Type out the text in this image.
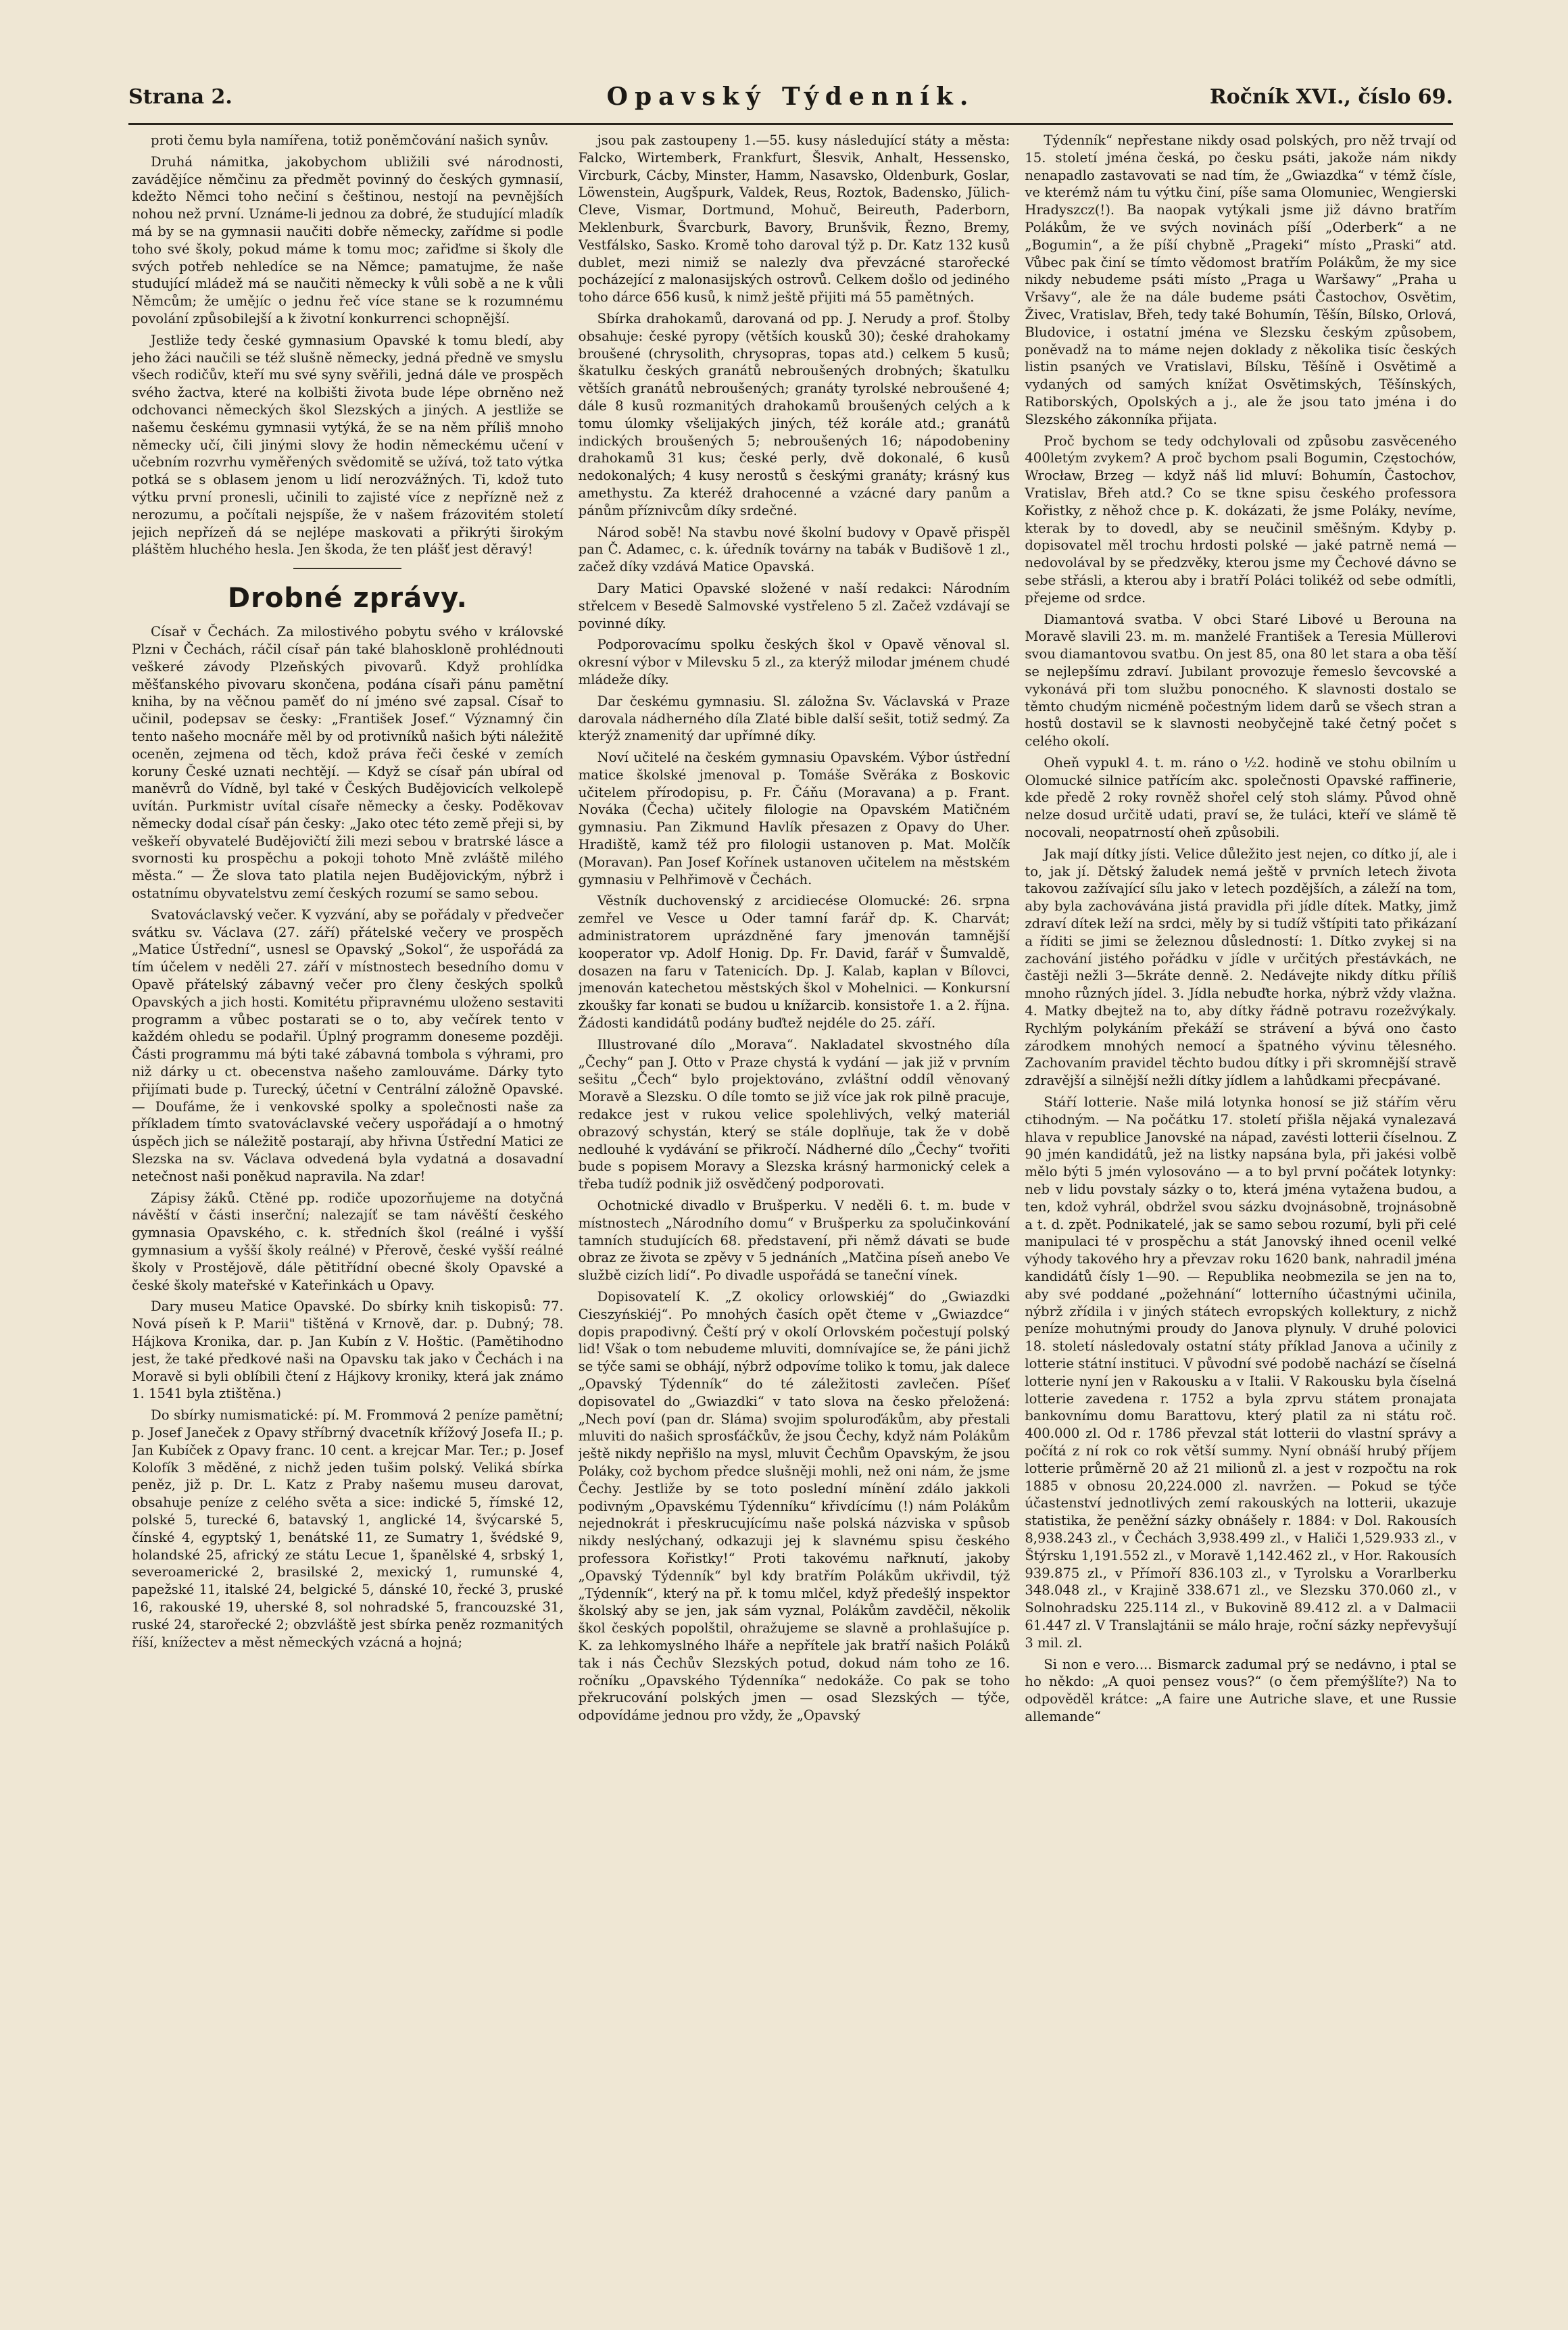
Strana 2.	Opavský Týdenník.	Ročník XVI., číslo 69.

proti čemu byla namířena, totiž poněmčování našich synův.

Druhá námitka, jakobychom ubližili své národnosti, zavádějíce němčinu za předmět povinný do českých gymnasií, kdežto Němci toho nečiní s češtinou, nestojí na pevnějších nohou než první. Uznáme-li jednou za dobré, že studující mladík má by se na gymnasii naučiti dobře německy, zařídme si podle toho své školy, pokud máme k tomu moc; zařiďme si školy dle svých potřeb nehledíce se na Němce; pamatujme, že naše studující mládež má se naučiti německy k vůli sobě a ne k vůli Němcům; že umějíc o jednu řeč více stane se k rozumnému povolání způsobilejší a k životní konkurrenci schopnější.

Jestliže tedy české gymnasium Opavské k tomu bledí, aby jeho žáci naučili se též slušně německy, jedná předně ve smyslu všech rodičův, kteří mu své syny svěřili, jedná dále ve prospěch svého žactva, které na kolbišti života bude lépe obrněno než odchovanci německých škol Slezských a jiných. A jestliže se našemu českému gymnasii vytýká, že se na něm příliš mnoho německy učí, čili jinými slovy že hodin německému učení v učebním rozvrhu vyměřených svědomitě se užívá, tož tato výtka potká se s oblasem jenom u lidí nerozvážných. Ti, kdož tuto výtku první pronesli, učinili to zajisté více z nepřízně než z nerozumu, a počítali nejspíše, že v našem frázovitém století jejich nepřízeň dá se nejlépe maskovati a přikrýti širokým pláštěm hluchého hesla. Jen škoda, že ten plášť jest děravý!

Drobné zprávy.

Císař v Čechách. Za milostivého pobytu svého v královské Plzni v Čechách, ráčil císař pán také blahoskloně prohlédnouti veškeré závody Plzeňských pivovarů. Když prohlídka měšťanského pivovaru skončena, podána císaři pánu pamětní kniha, by na věčnou paměť do ní jméno své zapsal. Císař to učinil, podepsav se česky: „František Josef.“ Významný čin tento našeho mocnáře měl by od protivníků našich býti náležitě oceněn, zejmena od těch, kdož práva řeči české v zemích koruny České uznati nechtějí. — Když se císař pán ubíral od maněvrů do Vídně, byl také v Českých Budějovicích velkolepě uvítán. Purkmistr uvítal císaře německy a česky. Poděkovav německy dodal císař pán česky: „Jako otec této země přeji si, by veškeří obyvatelé Budějovičtí žili mezi sebou v bratrské lásce a svornosti ku prospěchu a pokoji tohoto Mně zvláště milého města.“ — Že slova tato platila nejen Budějovickým, nýbrž i ostatnímu obyvatelstvu zemí českých rozumí se samo sebou.

Svatováclavský večer. K vyzvání, aby se pořádaly v předvečer svátku sv. Václava (27. září) přátelské večery ve prospěch „Matice Ústřední“, usnesl se Opavský „Sokol“, že uspořádá za tím účelem v neděli 27. září v místnostech besedního domu v Opavě přátelský zábavný večer pro členy českých spolků Opavských a jich hosti. Komitétu připravnému uloženo sestaviti programm a vůbec postarati se o to, aby večírek tento v každém ohledu se podařil. Úplný programm doneseme později. Části programmu má býti také zábavná tombola s výhrami, pro niž dárky u ct. obecenstva našeho zamlouváme. Dárky tyto přijímati bude p. Turecký, účetní v Centrální záložně Opavské. — Doufáme, že i venkovské spolky a společnosti naše za příkladem tímto svatováclavské večery uspořádají a o hmotný úspěch jich se náležitě postarají, aby hřivna Ústřední Matici ze Slezska na sv. Václava odvedená byla vydatná a dosavadní netečnost naši poněkud napravila. Na zdar!

Zápisy žáků. Ctěné pp. rodiče upozorňujeme na dotyčná návěští v části inserční; nalezajíť se tam návěští českého gymnasia Opavského, c. k. středních škol (reálné i vyšší gymnasium a vyšší školy reálné) v Přerově, české vyšší reálné školy v Prostějově, dále pětitřídní obecné školy Opavské a české školy mateřské v Kateřinkách u Opavy.

Dary museu Matice Opavské. Do sbírky knih tiskopisů: 77. Nová píseň k P. Marii" tištěná v Krnově, dar. p. Dubný; 78. Hájkova Kronika, dar. p. Jan Kubín z V. Hoštic. (Pamětihodno jest, že také předkové naši na Opavsku tak jako v Čechách i na Moravě si byli oblíbili čtení z Hájkovy kroniky, která jak známo 1. 1541 byla ztištěna.)

Do sbírky numismatické: pí. M. Frommová 2 peníze pamětní; p. Josef Janeček z Opavy stříbrný dvacetník křížový Josefa II.; p. Jan Kubíček z Opavy franc. 10 cent. a krejcar Mar. Ter.; p. Josef Kolofík 3 měděné, z nichž jeden tušim polský. Veliká sbírka peněz, již p. Dr. L. Katz z Praby našemu museu darovat, obsahuje peníze z celého světa a sice: indické 5, římské 12, polské 5, turecké 6, batavský 1, anglické 14, švýcarské 5, čínské 4, egyptský 1, benátské 11, ze Sumatry 1, švédské 9, holandské 25, africký ze státu Lecue 1, španělské 4, srbský 1, severoamerické 2, brasilské 2, mexický 1, rumunské 4, papežské 11, italské 24, belgické 5, dánské 10, řecké 3, pruské 16, rakouské 19, uherské 8, sol nohradské 5, francouzské 31, ruské 24, starořecké 2; obzvláště jest sbírka peněz rozmanitých říší, knížectev a měst německých vzácná a hojná;

jsou pak zastoupeny 1.—55. kusy následující státy a města: Falcko, Wirtemberk, Frankfurt, Šlesvik, Anhalt, Hessensko, Vircburk, Cácby, Minster, Hamm, Nasavsko, Oldenburk, Goslar, Löwenstein, Augšpurk, Valdek, Reus, Roztok, Badensko, Jülich-Cleve, Vismar, Dortmund, Mohuč, Beireuth, Paderborn, Meklenburk, Švarcburk, Bavory, Brunšvik, Řezno, Bremy, Vestfálsko, Sasko. Kromě toho daroval týž p. Dr. Katz 132 kusů dublet, mezi nimiž se nalezly dva převzácné starořecké pocházející z malonasijských ostrovů. Celkem došlo od jediného toho dárce 656 kusů, k nimž ještě přijiti má 55 pamětných.

Sbírka drahokamů, darovaná od pp. J. Nerudy a prof. Štolby obsahuje: české pyropy (větších kousků 30); české drahokamy broušené (chrysolith, chrysopras, topas atd.) celkem 5 kusů; škatulku českých granátů nebroušených drobných; škatulku větších granátů nebroušených; granáty tyrolské nebroušené 4; dále 8 kusů rozmanitých drahokamů broušených celých a k tomu úlomky všelijakých jiných, též korále atd.; granátů indických broušených 5; nebroušených 16; nápodobeniny drahokamů 31 kus; české perly, dvě dokonalé, 6 kusů nedokonalých; 4 kusy nerostů s českými granáty; krásný kus amethystu. Za kteréž drahocenné a vzácné dary panům a pánům příznivcům díky srdečné.

Národ sobě! Na stavbu nové školní budovy v Opavě přispěl pan Č. Adamec, c. k. úředník továrny na tabák v Budišově 1 zl., začež díky vzdává Matice Opavská.

Dary Matici Opavské složené v naší redakci: Národním střelcem v Besedě Salmovské vystřeleno 5 zl. Začež vzdávají se povinné díky.

Podporovacímu spolku českých škol v Opavě věnoval sl. okresní výbor v Milevsku 5 zl., za kterýž milodar jménem chudé mládeže díky.

Dar českému gymnasiu. Sl. záložna Sv. Václavská v Praze darovala nádherného díla Zlaté bible další sešit, totiž sedmý. Za kterýž znamenitý dar upřímné díky.

Noví učitelé na českém gymnasiu Opavském. Výbor ústřední matice školské jmenoval p. Tomáše Svěráka z Boskovic učitelem přírodopisu, p. Fr. Čáňu (Moravana) a p. Frant. Nováka (Čecha) učitely filologie na Opavském Matičném gymnasiu. Pan Zikmund Havlík přesazen z Opavy do Uher. Hradiště, kamž též pro filologii ustanoven p. Mat. Molčík (Moravan). Pan Josef Kořínek ustanoven učitelem na městském gymnasiu v Pelhřimově v Čechách.

Věstník duchovenský z arcidiecése Olomucké: 26. srpna zemřel ve Vesce u Oder tamní farář dp. K. Charvát; administratorem uprázdněné fary jmenován tamnější kooperator vp. Adolf Honig. Dp. Fr. David, farář v Šumvaldě, dosazen na faru v Tatenicích. Dp. J. Kalab, kaplan v Bílovci, jmenován katechetou městských škol v Mohelnici. — Konkursní zkoušky far konati se budou u knížarcib. konsistoře 1. a 2. října. Žádosti kandidátů podány buďtež nejdéle do 25. září.

Illustrované dílo „Morava“. Nakladatel skvostného díla „Čechy“ pan J. Otto v Praze chystá k vydání — jak již v prvním sešitu „Čech“ bylo projektováno, zvláštní oddíl věnovaný Moravě a Slezsku. O díle tomto se již více jak rok pilně pracuje, redakce jest v rukou velice spolehlivých, velký materiál obrazový schystán, který se stále doplňuje, tak že v době nedlouhé k vydávání se přikročí. Nádherné dílo „Čechy“ tvořiti bude s popisem Moravy a Slezska krásný harmonický celek a třeba tudíž podnik již osvědčený podporovati.

Ochotnické divadlo v Brušperku. V neděli 6. t. m. bude v místnostech „Národního domu“ v Brušperku za spolučinkování tamních studujících 68. představení, při němž dávati se bude obraz ze života se zpěvy v 5 jednáních „Matčina píseň anebo Ve službě cizích lidí“. Po divadle uspořádá se taneční vínek.

Dopisovatelí K. „Z okolicy orlowskiéj“ do „Gwiazdki Cieszyńskiéj“. Po mnohých časích opět čteme v „Gwiazdce“ dopis prapodivný. Čeští prý v okolí Orlovském počestují polský lid! Však o tom nebudeme mluviti, domnívajíce se, že páni jichž se týče sami se obhájí, nýbrž odpovíme toliko k tomu, jak dalece „Opavský Týdenník“ do té záležitosti zavlečen. Píšeť dopisovatel do „Gwiazdki“ v tato slova na česko přeložená: „Nech poví (pan dr. Sláma) svojim spoluroďákům, aby přestali mluviti do našich sprosťáčkův, že jsou Čechy, když nám Polákům ještě nikdy nepřišlo na mysl, mluvit Čechům Opavským, že jsou Poláky, což bychom předce slušněji mohli, než oni nám, že jsme Čechy. Jestliže by se toto poslední mínění zdálo jakkoli podivným „Opavskému Týdenníku“ křivdícímu (!) nám Polákům nejednokrát i přeskrucujícímu naše polská názviska v spůsob nikdy neslýchaný, odkazuji jej k slavnému spisu českého professora Kořistky!“ Proti takovému nařknutí, jakoby „Opavský Týdenník“ byl kdy bratřím Polákům ukřivdil, týž „Týdenník“, který na př. k tomu mlčel, když předešlý inspektor školský aby se jen, jak sám vyznal, Polákům zavděčil, několik škol českých popolštil, ohražujeme se slavně a prohlašujíce p. K. za lehkomyslného lháře a nepřítele jak bratří našich Poláků tak i nás Čechův Slezských potud, dokud nám toho ze 16. ročníku „Opavského Týdenníka“ nedokáže. Co pak se toho překrucování polských jmen — osad Slezských — týče, odpovídáme jednou pro vždy, že „Opavský

Týdenník“ nepřestane nikdy osad polských, pro něž trvají od 15. století jména česká, po česku psáti, jakože nám nikdy nenapadlo zastavovati se nad tím, že „Gwiazdka“ v témž čísle, ve kterémž nám tu výtku činí, píše sama Olomuniec, Wengierski Hradyszcz(!). Ba naopak vytýkali jsme již dávno bratřím Polákům, že ve svých novinách píší „Oderberk“ a ne „Bogumin“, a že píší chybně „Prageki“ místo „Praski“ atd. Vůbec pak činí se tímto vědomost bratřím Polákům, že my sice nikdy nebudeme psáti místo „Praga u Waršawy“ „Praha u Vršavy“, ale že na dále budeme psáti Častochov, Osvětim, Živec, Vratislav, Břeh, tedy také Bohumín, Těšín, Bílsko, Orlová, Bludovice, i ostatní jména ve Slezsku českým způsobem, poněvadž na to máme nejen doklady z několika tisíc českých listin psaných ve Vratislavi, Bílsku, Těšíně i Osvětimě a vydaných od samých knížat Osvětimských, Těšínských, Ratiborských, Opolských a j., ale že jsou tato jména i do Slezského zákonníka přijata.

Proč bychom se tedy odchylovali od způsobu zasvěceného 400letým zvykem? A proč bychom psali Bogumin, Częstochów, Wrocław, Brzeg — když náš lid mluví: Bohumín, Častochov, Vratislav, Břeh atd.? Co se tkne spisu českého professora Kořistky, z něhož chce p. K. dokázati, že jsme Poláky, nevíme, kterak by to dovedl, aby se neučinil směšným. Kdyby p. dopisovatel měl trochu hrdosti polské — jaké patrně nemá — nedovolával by se předzvěky, kterou jsme my Čechové dávno se sebe střásli, a kterou aby i bratří Poláci tolikéž od sebe odmítli, přejeme od srdce.

Diamantová svatba. V obci Staré Libové u Berouna na Moravě slavili 23. m. m. manželé František a Teresia Müllerovi svou diamantovou svatbu. On jest 85, ona 80 let stara a oba těší se nejlepšímu zdraví. Jubilant provozuje řemeslo ševcovské a vykonává při tom službu ponocného. K slavnosti dostalo se těmto chudým nicméně počestným lidem darů se všech stran a hostů dostavil se k slavnosti neobyčejně také četný počet s celého okolí.

Oheň vypukl 4. t. m. ráno o ½2. hodině ve stohu obilním u Olomucké silnice patřícím akc. společnosti Opavské raffinerie, kde předě 2 roky rovněž shořel celý stoh slámy. Původ ohně nelze dosud určitě udati, praví se, že tuláci, kteří ve slámě tě nocovali, neopatrností oheň způsobili.

Jak mají dítky jísti. Velice důležito jest nejen, co dítko jí, ale i to, jak jí. Dětský žaludek nemá ještě v prvních letech života takovou zažívající sílu jako v letech pozdějších, a záleží na tom, aby byla zachovávána jistá pravidla při jídle dítek. Matky, jimž zdraví dítek leží na srdci, měly by si tudíž vštípiti tato přikázaní a říditi se jimi se železnou důsledností: 1. Dítko zvykej si na zachování jistého pořádku v jídle v určitých přestávkách, ne častěji nežli 3—5kráte denně. 2. Nedávejte nikdy dítku příliš mnoho různých jídel. 3. Jídla nebuďte horka, nýbrž vždy vlažna. 4. Matky dbejtež na to, aby dítky řádně potravu rozežvýkaly. Rychlým polykáním překáží se strávení a bývá ono často zárodkem mnohých nemocí a špatného vývinu tělesného. Zachovaním pravidel těchto budou dítky i při skromnější stravě zdravější a silnější nežli dítky jídlem a lahůdkami přecpávané.

Stáří lotterie. Naše milá lotynka honosí se již stářím věru ctihodným. — Na počátku 17. století přišla nějaká vynalezavá hlava v republice Janovské na nápad, zavésti lotterii číselnou. Z 90 jmén kandidátů, jež na listky napsána byla, při jakési volbě mělo býti 5 jmén vylosováno — a to byl první počátek lotynky: neb v lidu povstaly sázky o to, která jména vytažena budou, a ten, kdož vyhrál, obdržel svou sázku dvojnásobně, trojnásobně a t. d. zpět. Podnikatelé, jak se samo sebou rozumí, byli při celé manipulaci té v prospěchu a stát Janovský ihned ocenil velké výhody takového hry a převzav roku 1620 bank, nahradil jména kandidátů čísly 1—90. — Republika neobmezila se jen na to, aby své poddané „požehnání“ lotterního účastnými učinila, nýbrž zřídila i v jiných státech evropských kollektury, z nichž peníze mohutnými proudy do Janova plynuly. V druhé polovici 18. století následovaly ostatní státy příklad Janova a učinily z lotterie státní instituci. V původní své podobě nachází se číselná lotterie nyní jen v Rakousku a v Italii. V Rakousku byla číselná lotterie zavedena r. 1752 a byla zprvu státem pronajata bankovnímu domu Barattovu, který platil za ni státu roč. 400.000 zl. Od r. 1786 převzal stát lotterii do vlastní správy a počítá z ní rok co rok větší summy. Nyní obnáší hrubý příjem lotterie průměrně 20 až 21 milionů zl. a jest v rozpočtu na rok 1885 v obnosu 20,224.000 zl. navržen. — Pokud se týče účastenství jednotlivých zemí rakouských na lotterii, ukazuje statistika, že peněžní sázky obnášely r. 1884: v Dol. Rakousích 8,938.243 zl., v Čechách 3,938.499 zl., v Haliči 1,529.933 zl., v Štýrsku 1,191.552 zl., v Moravě 1,142.462 zl., v Hor. Rakousích 939.875 zl., v Přímoří 836.103 zl., v Tyrolsku a Vorarlberku 348.048 zl., v Krajině 338.671 zl., ve Slezsku 370.060 zl., v Solnohradsku 225.114 zl., v Bukovině 89.412 zl. a v Dalmacii 61.447 zl. V Translajtánii se málo hraje, roční sázky nepřevyšují 3 mil. zl.

Si non e vero.... Bismarck zadumal prý se nedávno, i ptal se ho někdo: „A quoi pensez vous?“ (o čem přemýšlíte?) Na to odpověděl krátce: „A faire une Autriche slave, et une Russie allemande“
